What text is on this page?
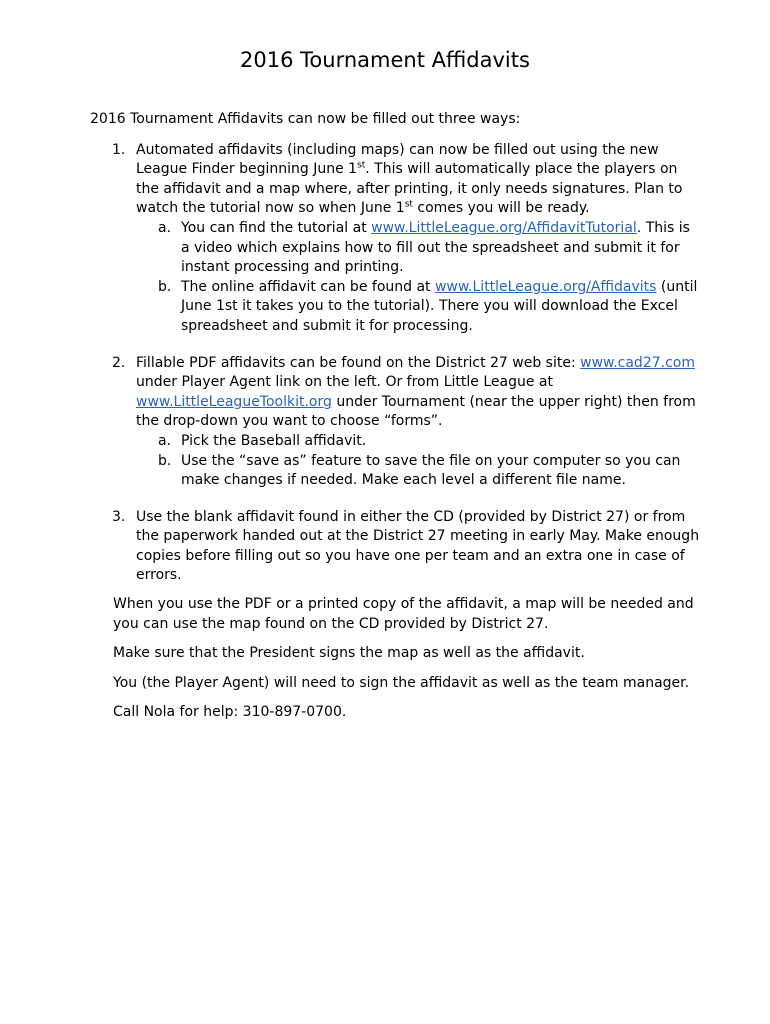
2016 Tournament Affidavits

2016 Tournament Affidavits can now be filled out three ways:

1. Automated affidavits (including maps) can now be filled out using the new League Finder beginning June 1st. This will automatically place the players on the affidavit and a map where, after printing, it only needs signatures. Plan to watch the tutorial now so when June 1st comes you will be ready.
a. You can find the tutorial at www.LittleLeague.org/AffidavitTutorial. This is a video which explains how to fill out the spreadsheet and submit it for instant processing and printing.
b. The online affidavit can be found at www.LittleLeague.org/Affidavits (until June 1st it takes you to the tutorial). There you will download the Excel spreadsheet and submit it for processing.
2. Fillable PDF affidavits can be found on the District 27 web site: www.cad27.com under Player Agent link on the left. Or from Little League at www.LittleLeagueToolkit.org under Tournament (near the upper right) then from the drop-down you want to choose “forms”.
a. Pick the Baseball affidavit.
b. Use the “save as” feature to save the file on your computer so you can make changes if needed. Make each level a different file name.
3. Use the blank affidavit found in either the CD (provided by District 27) or from the paperwork handed out at the District 27 meeting in early May. Make enough copies before filling out so you have one per team and an extra one in case of errors.

When you use the PDF or a printed copy of the affidavit, a map will be needed and you can use the map found on the CD provided by District 27.

Make sure that the President signs the map as well as the affidavit.

You (the Player Agent) will need to sign the affidavit as well as the team manager.

Call Nola for help: 310-897-0700.
